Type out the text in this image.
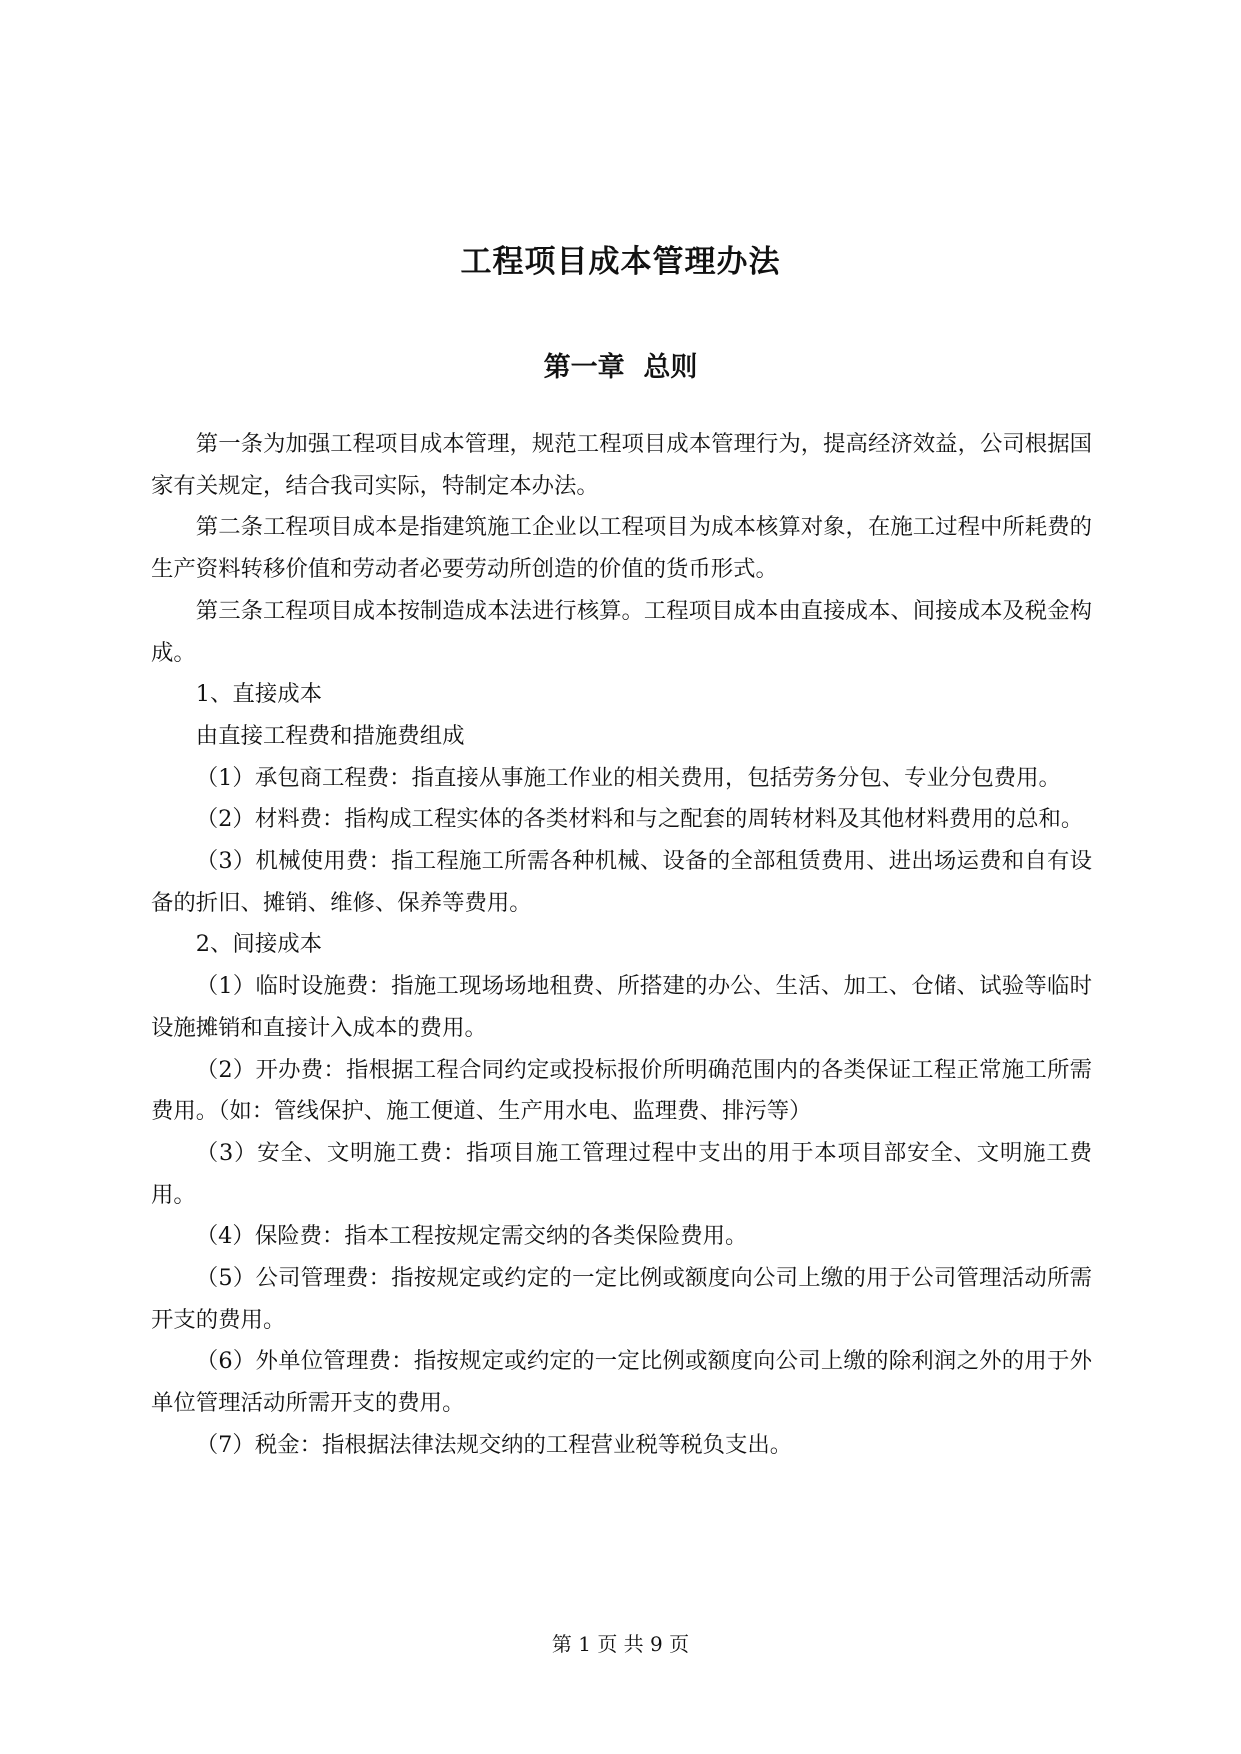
工程项目成本管理办法
第一章  总则

第一条为加强工程项目成本管理，规范工程项目成本管理行为，提高经济效益，公司根据国家有关规定，结合我司实际，特制定本办法。

第二条工程项目成本是指建筑施工企业以工程项目为成本核算对象，在施工过程中所耗费的生产资料转移价值和劳动者必要劳动所创造的价值的货币形式。

第三条工程项目成本按制造成本法进行核算。工程项目成本由直接成本、间接成本及税金构成。

1、直接成本

由直接工程费和措施费组成

（1）承包商工程费：指直接从事施工作业的相关费用，包括劳务分包、专业分包费用。

（2）材料费：指构成工程实体的各类材料和与之配套的周转材料及其他材料费用的总和。

（3）机械使用费：指工程施工所需各种机械、设备的全部租赁费用、进出场运费和自有设备的折旧、摊销、维修、保养等费用。

2、间接成本

（1）临时设施费：指施工现场场地租费、所搭建的办公、生活、加工、仓储、试验等临时设施摊销和直接计入成本的费用。

（2）开办费：指根据工程合同约定或投标报价所明确范围内的各类保证工程正常施工所需费用。（如：管线保护、施工便道、生产用水电、监理费、排污等）

（3）安全、文明施工费：指项目施工管理过程中支出的用于本项目部安全、文明施工费用。

（4）保险费：指本工程按规定需交纳的各类保险费用。

（5）公司管理费：指按规定或约定的一定比例或额度向公司上缴的用于公司管理活动所需开支的费用。

（6）外单位管理费：指按规定或约定的一定比例或额度向公司上缴的除利润之外的用于外单位管理活动所需开支的费用。

（7）税金：指根据法律法规交纳的工程营业税等税负支出。

第 1 页 共 9 页
